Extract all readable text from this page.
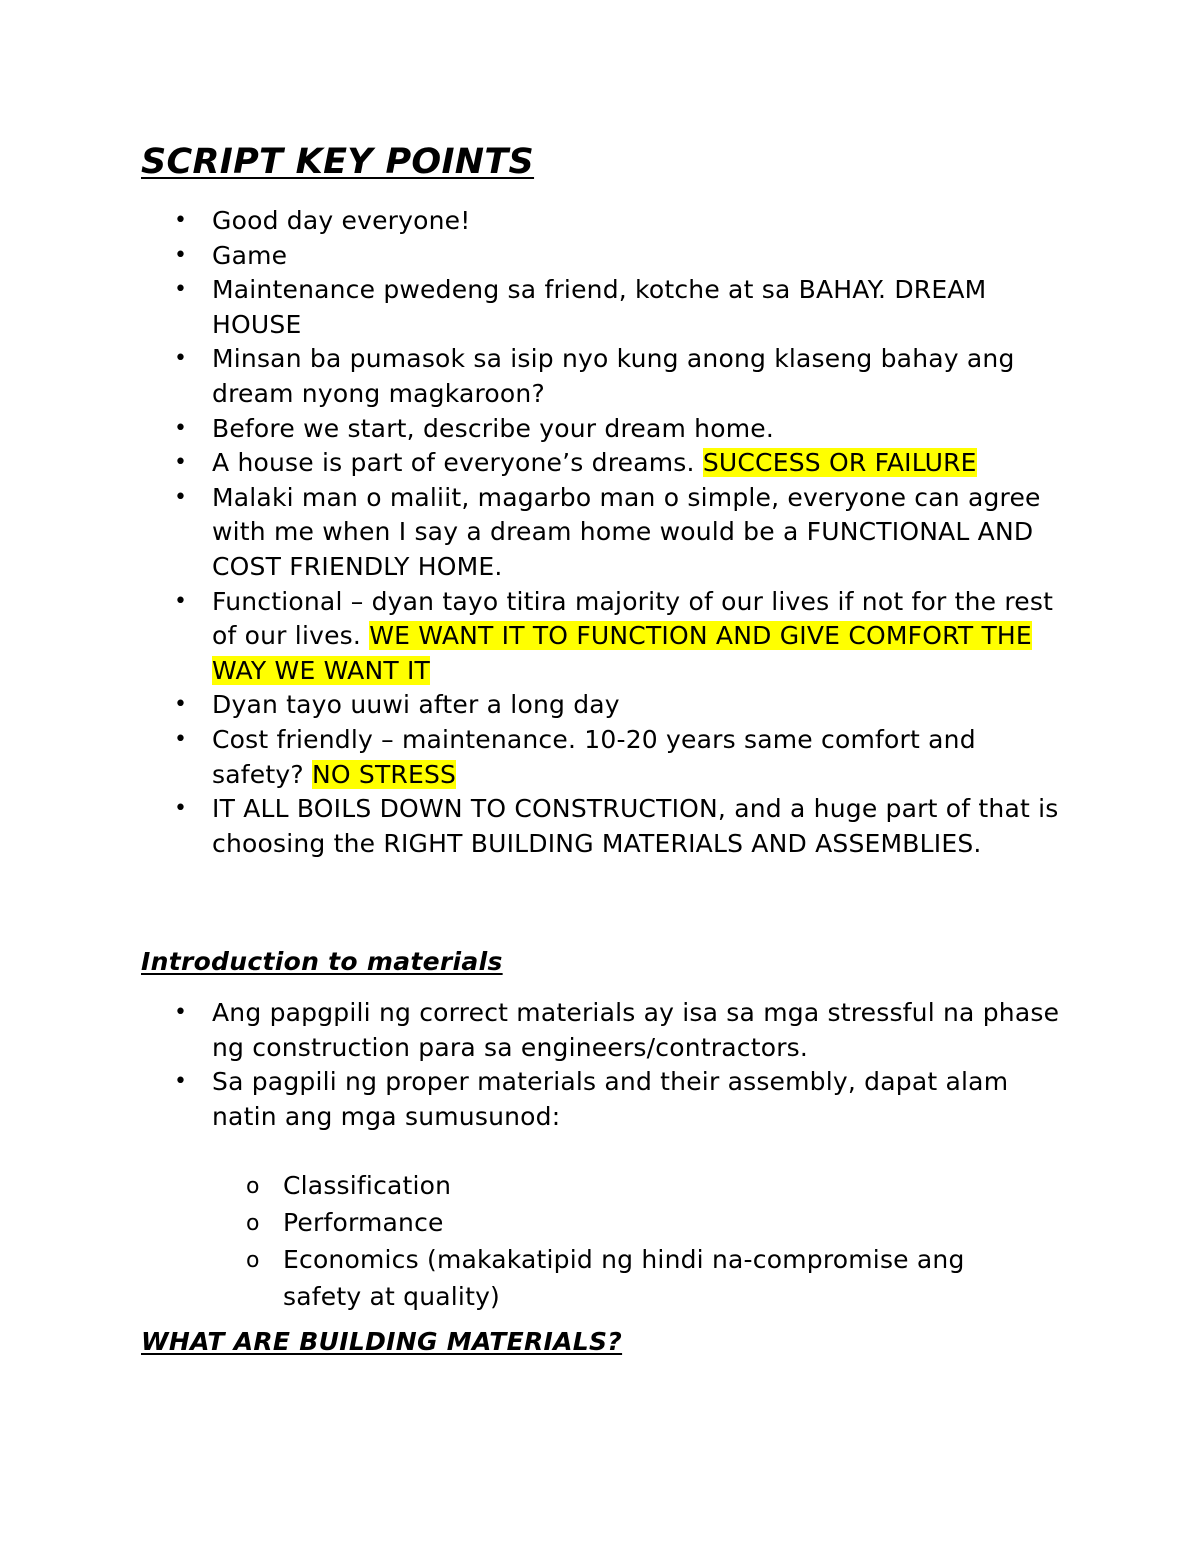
SCRIPT KEY POINTS
• Good day everyone!
• Game
• Maintenance pwedeng sa friend, kotche at sa BAHAY. DREAM HOUSE
• Minsan ba pumasok sa isip nyo kung anong klaseng bahay ang dream nyong magkaroon?
• Before we start, describe your dream home.
• A house is part of everyone’s dreams. SUCCESS OR FAILURE
• Malaki man o maliit, magarbo man o simple, everyone can agree with me when I say a dream home would be a FUNCTIONAL AND COST FRIENDLY HOME.
• Functional – dyan tayo titira majority of our lives if not for the rest of our lives. WE WANT IT TO FUNCTION AND GIVE COMFORT THE WAY WE WANT IT
• Dyan tayo uuwi after a long day
• Cost friendly – maintenance. 10-20 years same comfort and safety? NO STRESS
• IT ALL BOILS DOWN TO CONSTRUCTION, and a huge part of that is choosing the RIGHT BUILDING MATERIALS AND ASSEMBLIES.
Introduction to materials
• Ang papgpili ng correct materials ay isa sa mga stressful na phase ng construction para sa engineers/contractors.
• Sa pagpili ng proper materials and their assembly, dapat alam natin ang mga sumusunod:
o Classification
o Performance
o Economics (makakatipid ng hindi na-compromise ang safety at quality)
WHAT ARE BUILDING MATERIALS?
